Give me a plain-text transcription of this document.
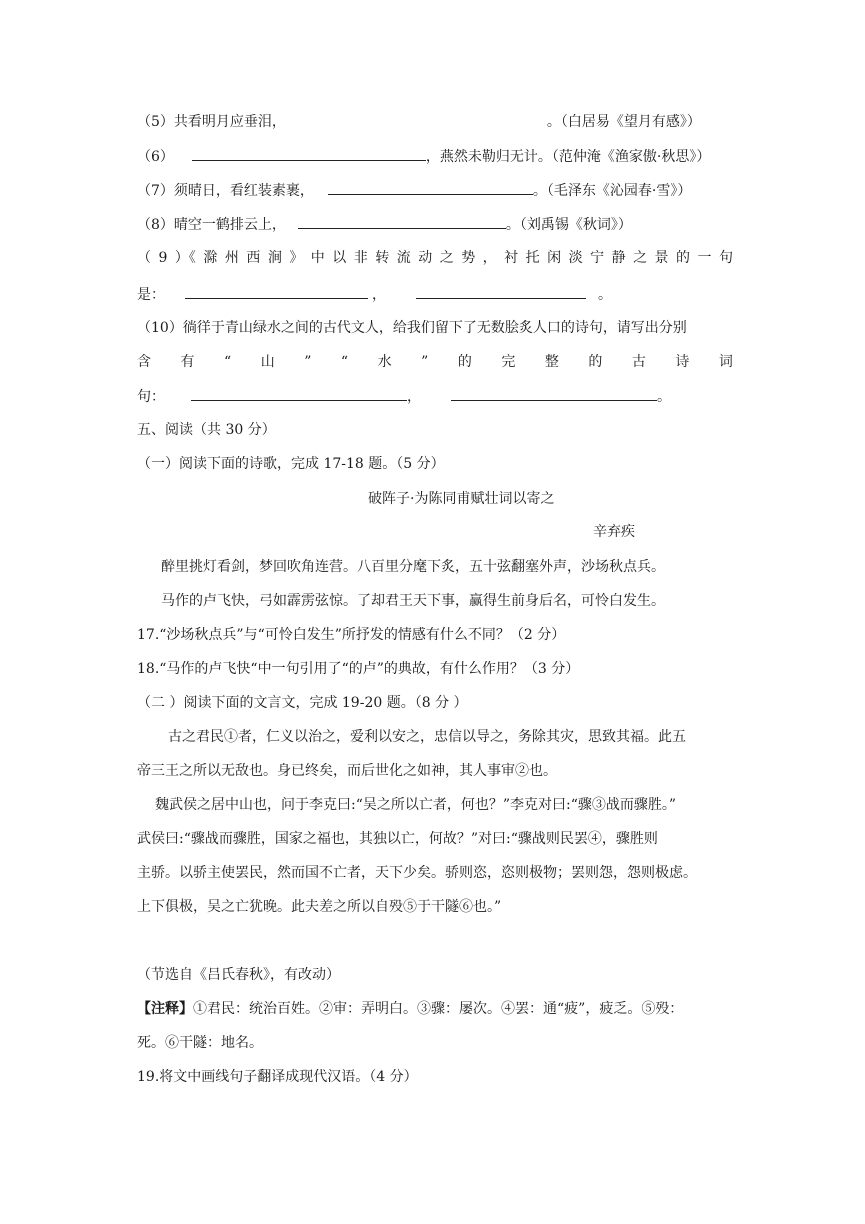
（5）共看明月应垂泪，	。（白居易《望月有感》）
（6）	，燕然未勒归无计。（范仲淹《渔家傲·秋思》）
（7）须晴日，看红装素裹，	。（毛泽东《沁园春·雪》）
（8）晴空一鹤排云上，	。（刘禹锡《秋词》）
（ 9 ）《 滁 州 西 涧 》 中 以 非 转 流 动 之 势 ， 衬 托 闲 淡 宁 静 之 景 的 一 句
是：	，	。
（10）徜徉于青山绿水之间的古代文人，给我们留下了无数脍炙人口的诗句，请写出分别
含 有 “ 山 ” “ 水 ” 的 完 整 的 古 诗 词
句：	，	。
五、阅读（共 30 分）
（一）阅读下面的诗歌，完成 17-18 题。（5 分）
破阵子·为陈同甫赋壮词以寄之
辛弃疾
醉里挑灯看剑，梦回吹角连营。八百里分麾下炙，五十弦翻塞外声，沙场秋点兵。
马作的卢飞快，弓如霹雳弦惊。了却君王天下事，赢得生前身后名，可怜白发生。
17.“沙场秋点兵”与“可怜白发生”所抒发的情感有什么不同？（2 分）
18.“马作的卢飞快“中一句引用了“的卢”的典故，有什么作用？（3 分）
（二 ）阅读下面的文言文，完成 19-20 题。（8 分 ）
古之君民①者，仁义以治之，爱利以安之，忠信以导之，务除其灾，思致其福。此五
帝三王之所以无敌也。身已终矣，而后世化之如神，其人事审②也。
魏武侯之居中山也，问于李克曰:“吴之所以亡者，何也？”李克对曰:“骤③战而骤胜。”
武侯曰:“骤战而骤胜，国家之福也，其独以亡，何故？”对曰:“骤战则民罢④，骤胜则
主骄。以骄主使罢民，然而国不亡者，天下少矣。骄则恣，恣则极物；罢则怨，怨则极虑。
上下俱极，吴之亡犹晚。此夫差之所以自殁⑤于干隧⑥也。”
（节选自《吕氏春秋》，有改动）
【注释】①君民：统治百姓。②审：弄明白。③骤：屡次。④罢：通“疲”，疲乏。⑤殁：
死。⑥干隧：地名。
19.将文中画线句子翻译成现代汉语。（4 分）
